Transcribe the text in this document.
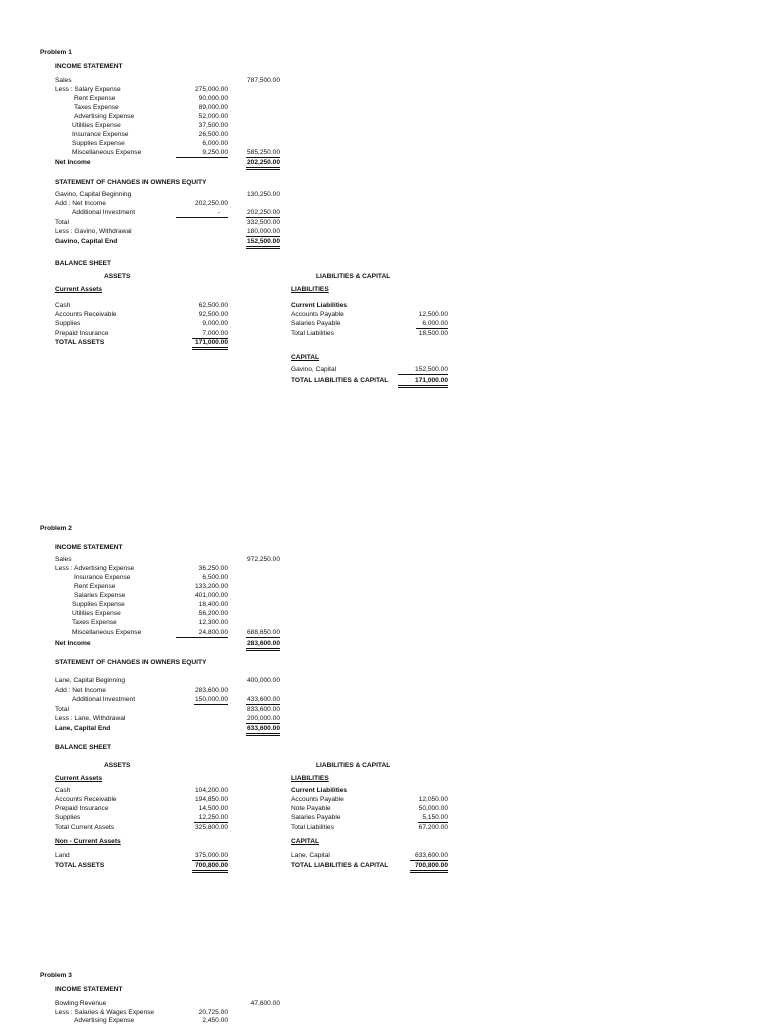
Problem 1
INCOME STATEMENT
Sales	787,500.00
Less : Salary Expense	275,000.00
Rent Expense	90,000.00
Taxes Expense	89,000.00
Advertising Expense	52,000.00
Utilities Expense	37,500.00
Insurance Expense	26,500.00
Supplies Expense	6,000.00
Miscellaneous Expense	9,250.00	585,250.00
Net Income	202,250.00
STATEMENT OF CHANGES IN OWNERS EQUITY
Gavino, Capital Beginning	130,250.00
Add : Net Income	202,250.00
Additional Investment	-	202,250.00
Total	332,500.00
Less : Gavino, Withdrawal	180,000.00
Gavino, Capital End	152,500.00
BALANCE SHEET
ASSETS
Current Assets
Cash	62,500.00
Accounts Receivable	92,500.00
Supplies	9,000.00
Prepaid Insurance	7,000.00
TOTAL ASSETS	171,000.00
LIABILITIES & CAPITAL
LIABILITIES
Current Liabilities
Accounts Payable	12,500.00
Salaries Payable	6,000.00
Total Liabilities	18,500.00
CAPITAL
Gavino, Capital	152,500.00
TOTAL LIABILITIES & CAPITAL	171,000.00
Problem 2
INCOME STATEMENT
Sales	972,250.00
Less : Advertising Expense	36,250.00
Insurance Expense	6,500.00
Rent Expense	133,200.00
Salaries Expense	401,000.00
Supplies Expense	18,400.00
Utilities Expense	56,200.00
Taxes Expense	12,300.00
Miscellaneous Expense	24,800.00	688,650.00
Net Income	283,600.00
STATEMENT OF CHANGES IN OWNERS EQUITY
Lane, Capital Beginning	400,000.00
Add : Net Income	283,600.00
Additional Investment	150,000.00	433,600.00
Total	833,600.00
Less : Lane, Withdrawal	200,000.00
Lane, Capital End	633,600.00
BALANCE SHEET
ASSETS
Current Assets
Cash	104,200.00
Accounts Receivable	194,850.00
Prepaid Insurance	14,500.00
Supplies	12,250.00
Total Current Assets	325,800.00
Non - Current Assets
Land	375,000.00
TOTAL ASSETS	700,800.00
LIABILITIES & CAPITAL
LIABILITIES
Current Liabilities
Accounts Payable	12,050.00
Note Payable	50,000.00
Salaries Payable	5,150.00
Total Liabilities	67,200.00
CAPITAL
Lane, Capital	633,600.00
TOTAL LIABILITIES & CAPITAL	700,800.00
Problem 3
INCOME STATEMENT
Bowling Revenue	47,600.00
Less : Salaries & Wages Expense	20,725.00
Advertising Expense	2,450.00
